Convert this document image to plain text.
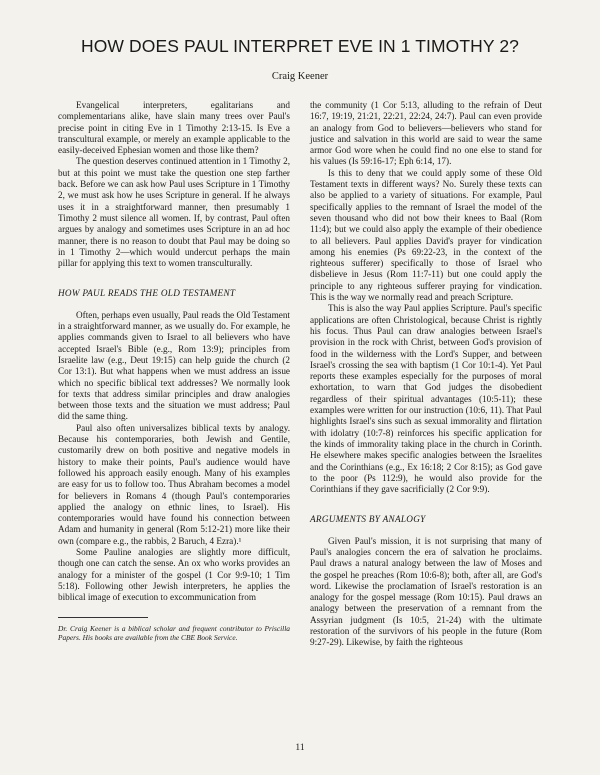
HOW DOES PAUL INTERPRET EVE IN 1 TIMOTHY 2?
Craig Keener

Evangelical interpreters, egalitarians and complementarians alike, have slain many trees over Paul's precise point in citing Eve in 1 Timothy 2:13-15. Is Eve a transcultural example, or merely an example applicable to the easily-deceived Ephesian women and those like them?

The question deserves continued attention in 1 Timothy 2, but at this point we must take the question one step farther back. Before we can ask how Paul uses Scripture in 1 Timothy 2, we must ask how he uses Scripture in general. If he always uses it in a straightforward manner, then presumably 1 Timothy 2 must silence all women. If, by contrast, Paul often argues by analogy and sometimes uses Scripture in an ad hoc manner, there is no reason to doubt that Paul may be doing so in 1 Timothy 2—which would undercut perhaps the main pillar for applying this text to women transculturally.

HOW PAUL READS THE OLD TESTAMENT

Often, perhaps even usually, Paul reads the Old Testament in a straightforward manner, as we usually do. For example, he applies commands given to Israel to all believers who have accepted Israel's Bible (e.g., Rom 13:9); principles from Israelite law (e.g., Deut 19:15) can help guide the church (2 Cor 13:1). But what happens when we must address an issue which no specific biblical text addresses? We normally look for texts that address similar principles and draw analogies between those texts and the situation we must address; Paul did the same thing.

Paul also often universalizes biblical texts by analogy. Because his contemporaries, both Jewish and Gentile, customarily drew on both positive and negative models in history to make their points, Paul's audience would have followed his approach easily enough. Many of his examples are easy for us to follow too. Thus Abraham becomes a model for believers in Romans 4 (though Paul's contemporaries applied the analogy on ethnic lines, to Israel). His contemporaries would have found his connection between Adam and humanity in general (Rom 5:12-21) more like their own (compare e.g., the rabbis, 2 Baruch, 4 Ezra).¹

Some Pauline analogies are slightly more difficult, though one can catch the sense. An ox who works provides an analogy for a minister of the gospel (1 Cor 9:9-10; 1 Tim 5:18). Following other Jewish interpreters, he applies the biblical image of execution to excommunication from

Dr. Craig Keener is a biblical scholar and frequent contributor to Priscilla Papers. His books are available from the CBE Book Service.

the community (1 Cor 5:13, alluding to the refrain of Deut 16:7, 19:19, 21:21, 22:21, 22:24, 24:7). Paul can even provide an analogy from God to believers—believers who stand for justice and salvation in this world are said to wear the same armor God wore when he could find no one else to stand for his values (Is 59:16-17; Eph 6:14, 17).

Is this to deny that we could apply some of these Old Testament texts in different ways? No. Surely these texts can also be applied to a variety of situations. For example, Paul specifically applies to the remnant of Israel the model of the seven thousand who did not bow their knees to Baal (Rom 11:4); but we could also apply the example of their obedience to all believers. Paul applies David's prayer for vindication among his enemies (Ps 69:22-23, in the context of the righteous sufferer) specifically to those of Israel who disbelieve in Jesus (Rom 11:7-11) but one could apply the principle to any righteous sufferer praying for vindication. This is the way we normally read and preach Scripture.

This is also the way Paul applies Scripture. Paul's specific applications are often Christological, because Christ is rightly his focus. Thus Paul can draw analogies between Israel's provision in the rock with Christ, between God's provision of food in the wilderness with the Lord's Supper, and between Israel's crossing the sea with baptism (1 Cor 10:1-4). Yet Paul reports these examples especially for the purposes of moral exhortation, to warn that God judges the disobedient regardless of their spiritual advantages (10:5-11); these examples were written for our instruction (10:6, 11). That Paul highlights Israel's sins such as sexual immorality and flirtation with idolatry (10:7-8) reinforces his specific application for the kinds of immorality taking place in the church in Corinth. He elsewhere makes specific analogies between the Israelites and the Corinthians (e.g., Ex 16:18; 2 Cor 8:15); as God gave to the poor (Ps 112:9), he would also provide for the Corinthians if they gave sacrificially (2 Cor 9:9).

ARGUMENTS BY ANALOGY

Given Paul's mission, it is not surprising that many of Paul's analogies concern the era of salvation he proclaims. Paul draws a natural analogy between the law of Moses and the gospel he preaches (Rom 10:6-8); both, after all, are God's word. Likewise the proclamation of Israel's restoration is an analogy for the gospel message (Rom 10:15). Paul draws an analogy between the preservation of a remnant from the Assyrian judgment (Is 10:5, 21-24) with the ultimate restoration of the survivors of his people in the future (Rom 9:27-29). Likewise, by faith the righteous

11
